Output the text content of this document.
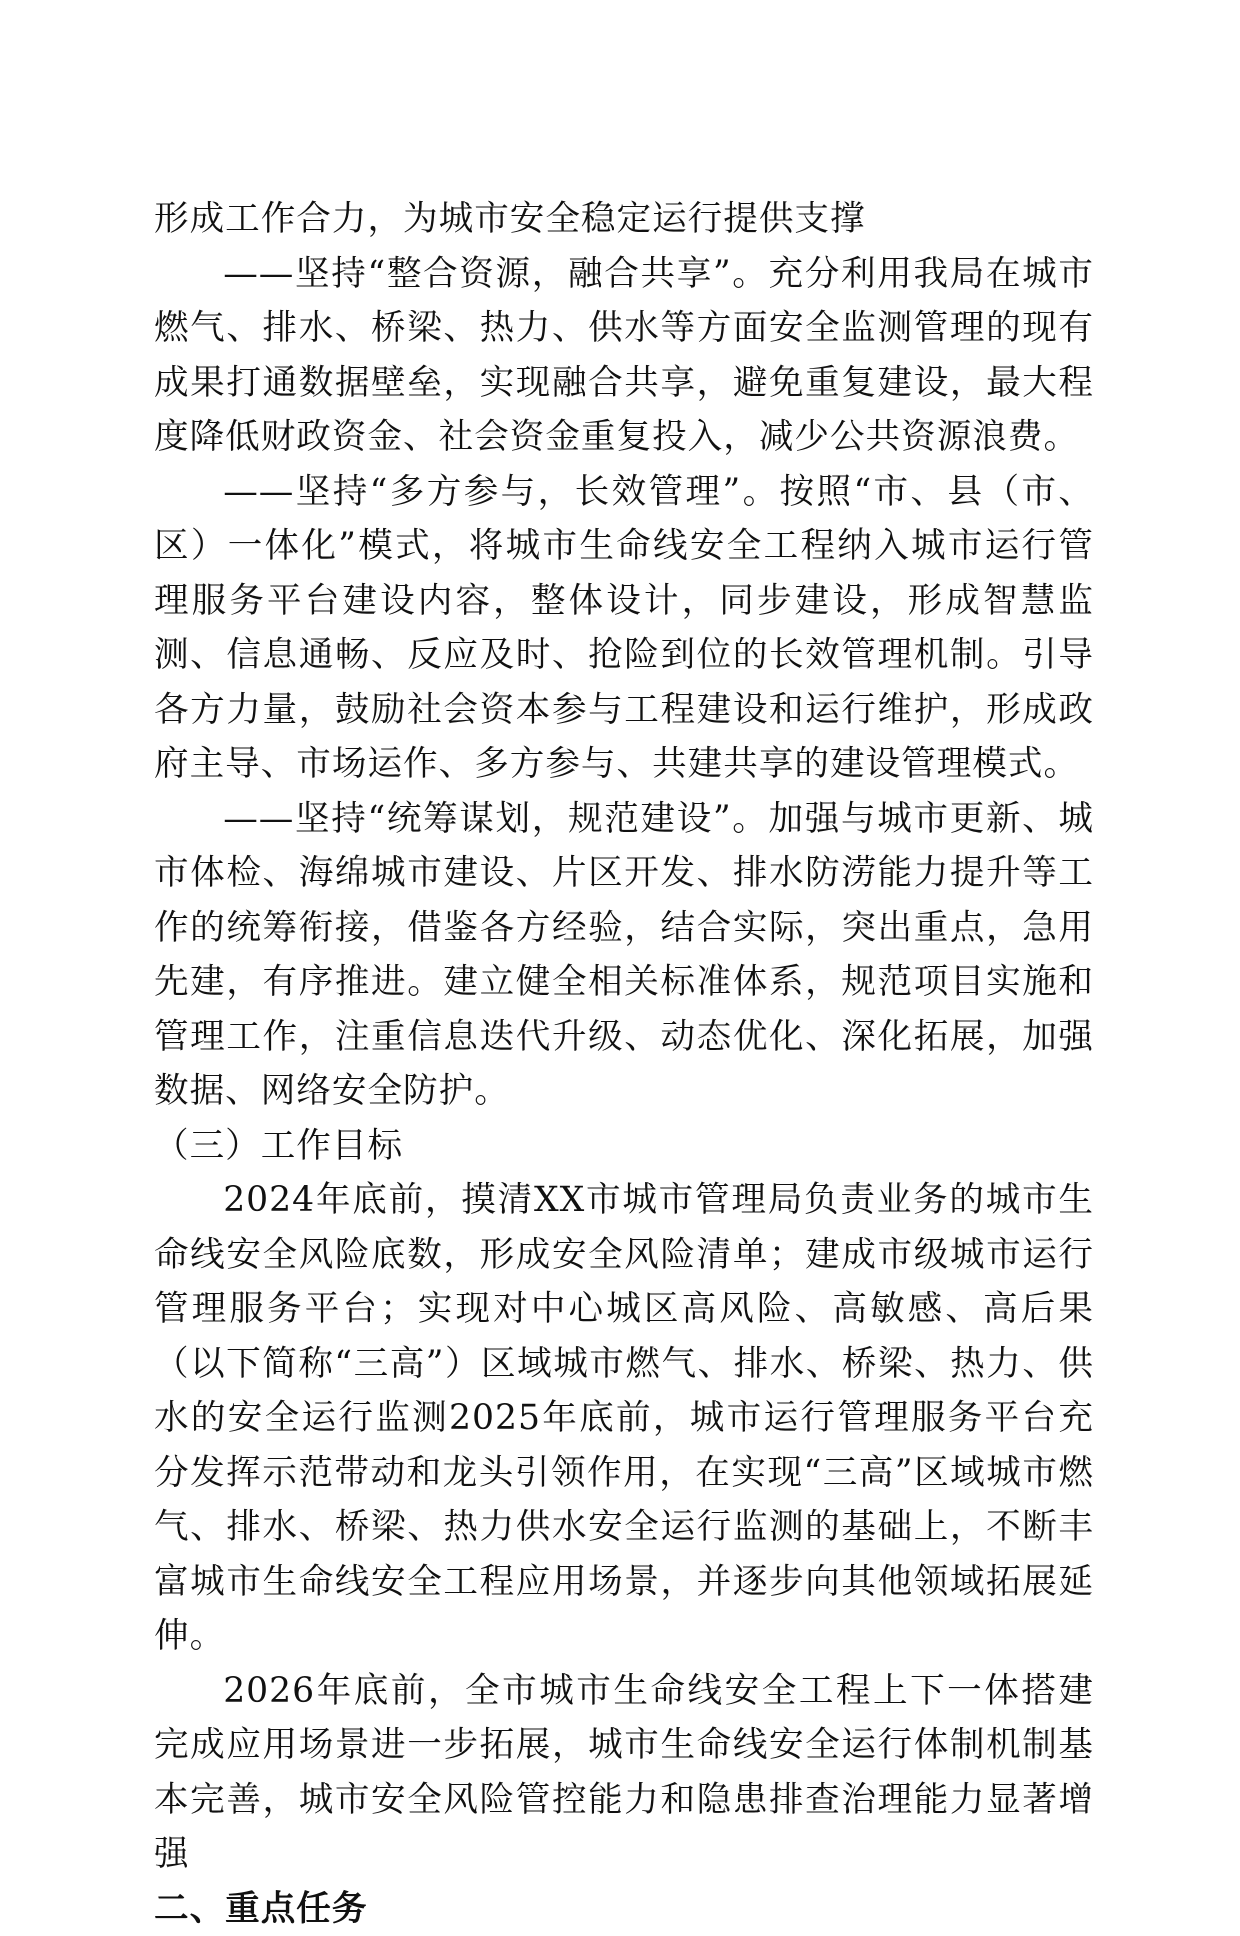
形成工作合力，为城市安全稳定运行提供支撑

——坚持“整合资源，融合共享”。充分利用我局在城市燃气、排水、桥梁、热力、供水等方面安全监测管理的现有成果打通数据壁垒，实现融合共享，避免重复建设，最大程度降低财政资金、社会资金重复投入，减少公共资源浪费。

——坚持“多方参与，长效管理”。按照“市、县（市、区）一体化”模式，将城市生命线安全工程纳入城市运行管理服务平台建设内容，整体设计，同步建设，形成智慧监测、信息通畅、反应及时、抢险到位的长效管理机制。引导各方力量，鼓励社会资本参与工程建设和运行维护，形成政府主导、市场运作、多方参与、共建共享的建设管理模式。

——坚持“统筹谋划，规范建设”。加强与城市更新、城市体检、海绵城市建设、片区开发、排水防涝能力提升等工作的统筹衔接，借鉴各方经验，结合实际，突出重点，急用先建，有序推进。建立健全相关标准体系，规范项目实施和管理工作，注重信息迭代升级、动态优化、深化拓展，加强数据、网络安全防护。

（三）工作目标

2024年底前，摸清XX市城市管理局负责业务的城市生命线安全风险底数，形成安全风险清单；建成市级城市运行管理服务平台；实现对中心城区高风险、高敏感、高后果（以下简称“三高”）区域城市燃气、排水、桥梁、热力、供水的安全运行监测2025年底前，城市运行管理服务平台充分发挥示范带动和龙头引领作用，在实现“三高”区域城市燃气、排水、桥梁、热力供水安全运行监测的基础上，不断丰富城市生命线安全工程应用场景，并逐步向其他领域拓展延伸。

2026年底前，全市城市生命线安全工程上下一体搭建完成应用场景进一步拓展，城市生命线安全运行体制机制基本完善，城市安全风险管控能力和隐患排查治理能力显著增强

二、重点任务
